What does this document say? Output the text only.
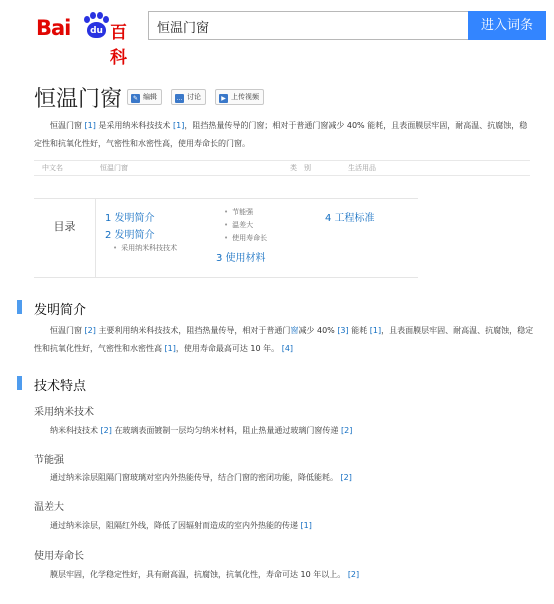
Bai	du 百科
恒温门窗	进入词条
恒温门窗	✎ 编辑	… 讨论	▶ 上传视频
恒温门窗 [1] 是采用纳米科技技术 [1]，阻挡热量传导的门窗；相对于普通门窗减少 40% 能耗，且表面膜层牢固，耐高温、抗腐蚀，稳定性和抗氧化性好，气密性和水密性高，使用寿命长的门窗。
中文名	恒温门窗	类　别	生活用品
目录
1 发明简介
2 发明简介
• 采用纳米科技技术
• 节能强
• 温差大
• 使用寿命长
3 使用材料
4 工程标准
发明简介
恒温门窗 [2] 主要利用纳米科技技术，阻挡热量传导，相对于普通门窗减少 40% [3] 能耗 [1]，且表面膜层牢固、耐高温、抗腐蚀，稳定性和抗氧化性好，气密性和水密性高 [1]，使用寿命最高可达 10 年。 [4]
技术特点
采用纳米技术
纳米科技技术 [2] 在玻璃表面镀制一层均匀纳米材料，阻止热量通过玻璃门窗传递 [2]
节能强
通过纳米涂层阻隔门窗玻璃对室内外热能传导，结合门窗的密闭功能，降低能耗。 [2]
温差大
通过纳米涂层，阻隔红外线，降低了因辐射而造成的室内外热能的传递 [1]
使用寿命长
膜层牢固，化学稳定性好，具有耐高温，抗腐蚀，抗氧化性，寿命可达 10 年以上。 [2]
